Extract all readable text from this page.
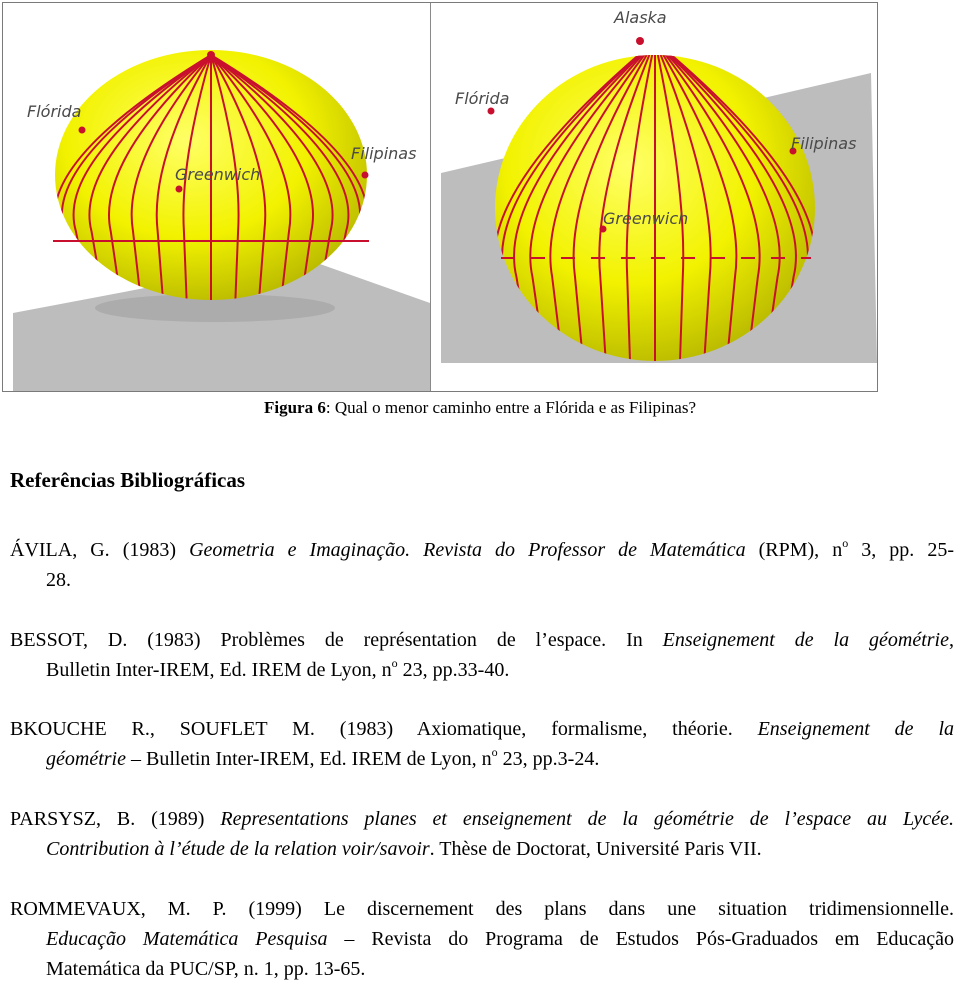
Flórida
Greenwich
Filipinas
Alaska
Flórida
Greenwich
Filipinas
Figura 6: Qual o menor caminho entre a Flórida e as Filipinas?
Referências Bibliográficas
ÁVILA, G. (1983) Geometria e Imaginação. Revista do Professor de Matemática (RPM), $n^o$ 3, pp. 25-
28.
BESSOT, D. (1983) Problèmes de représentation de l’espace. In Enseignement de la géométrie,
Bulletin Inter-IREM, Ed. IREM de Lyon, $n^o$ 23, pp.33-40.
BKOUCHE R., SOUFLET M. (1983) Axiomatique, formalisme, théorie. Enseignement de la
géométrie – Bulletin Inter-IREM, Ed. IREM de Lyon, $n^o$ 23, pp.3-24.
PARSYSZ, B. (1989) Representations planes et enseignement de la géométrie de l’espace au Lycée.
Contribution à l’étude de la relation voir/savoir. Thèse de Doctorat, Université Paris VII.
ROMMEVAUX, M. P. (1999) Le discernement des plans dans une situation tridimensionnelle.
Educação Matemática Pesquisa – Revista do Programa de Estudos Pós-Graduados em Educação
Matemática da PUC/SP, n. 1, pp. 13-65.
